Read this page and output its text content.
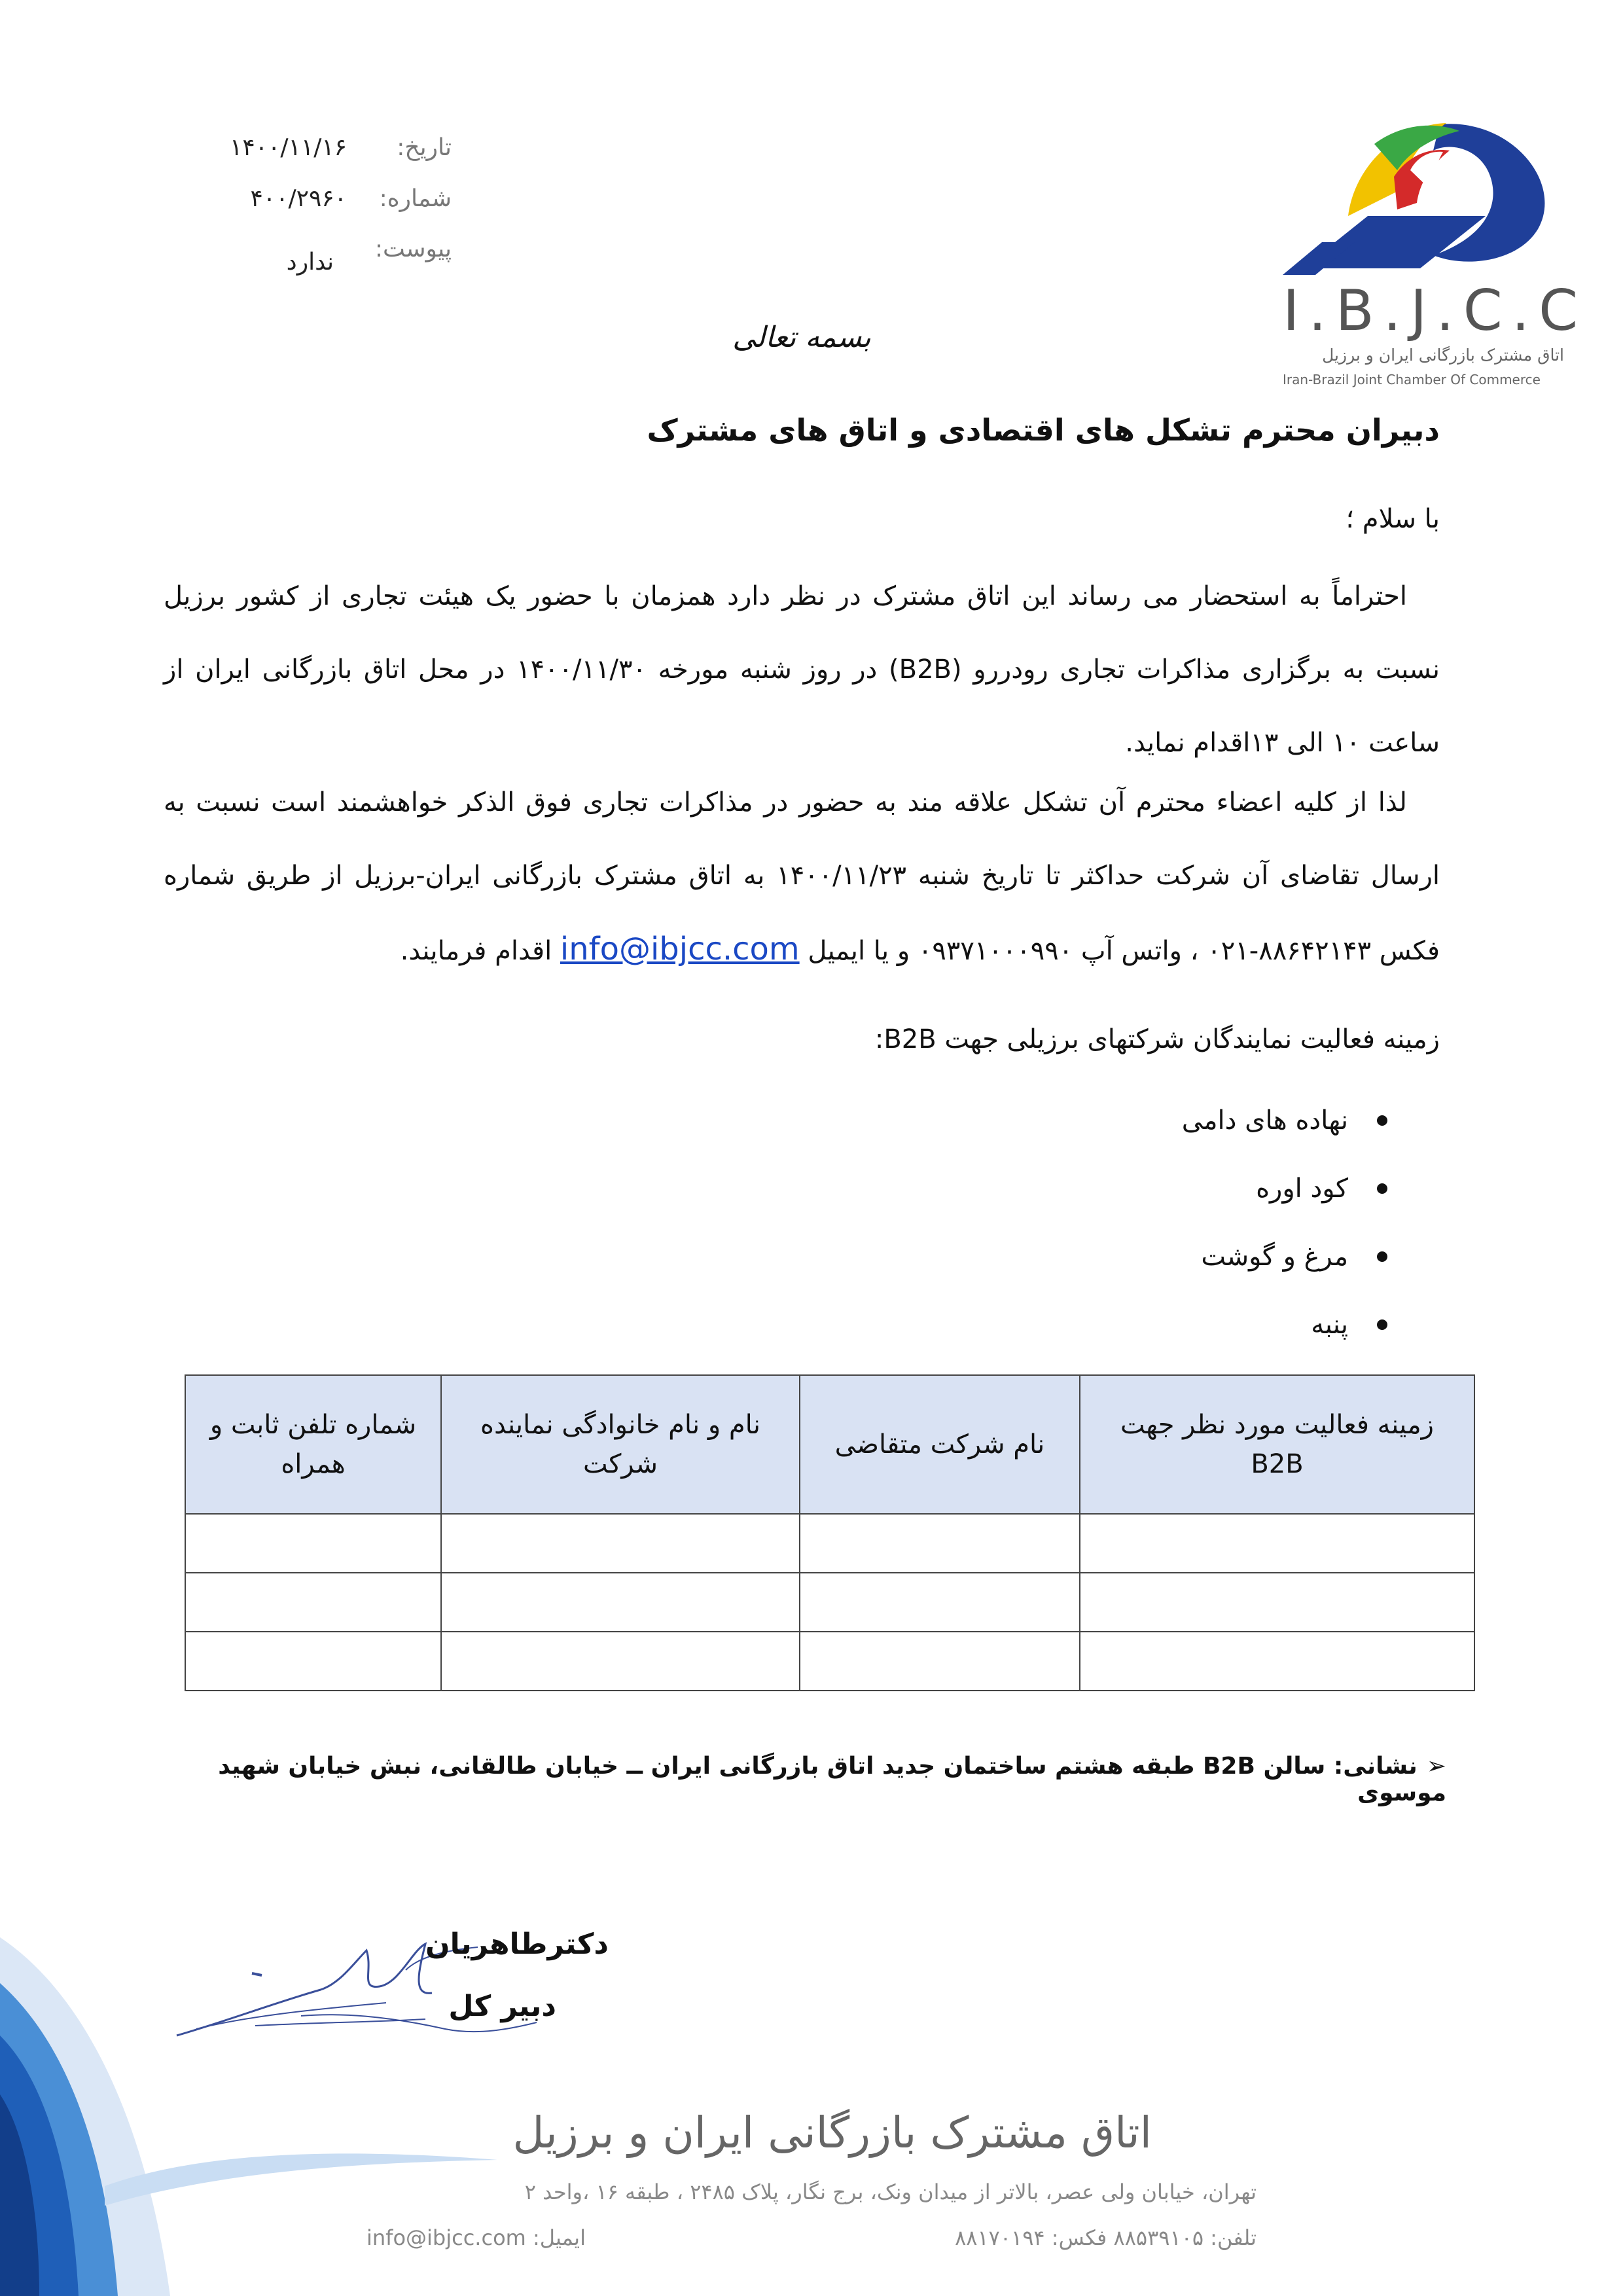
تاریخ:
۱۴۰۰/۱۱/۱۶
شماره:
۴۰۰/۲۹۶۰
پیوست:
ندارد
I.B.J.C.C
اتاق مشترک بازرگانی ایران و برزیل
Iran-Brazil Joint Chamber Of Commerce
بسمه تعالی
دبیران محترم تشکل های اقتصادی و اتاق های مشترک
با سلام ؛
احتراماً به استحضار می رساند این اتاق مشترک در نظر دارد همزمان با حضور یک هیئت تجاری از کشور برزیل نسبت به برگزاری مذاکرات تجاری رودررو (B2B) در روز شنبه مورخه ۱۴۰۰/۱۱/۳۰ در محل اتاق بازرگانی ایران از ساعت ۱۰ الی ۱۳اقدام نماید.
لذا از کلیه اعضاء محترم آن تشکل علاقه مند به حضور در مذاکرات تجاری فوق الذکر خواهشمند است نسبت به ارسال تقاضای آن شرکت حداکثر تا تاریخ شنبه ۱۴۰۰/۱۱/۲۳ به اتاق مشترک بازرگانی ایران-برزیل از طریق شماره فکس ۸۸۶۴۲۱۴۳-۰۲۱ ، واتس آپ ۰۹۳۷۱۰۰۰۹۹۰ و یا ایمیل info@ibjcc.com اقدام فرمایند.
زمینه فعالیت نمایندگان شرکتهای برزیلی جهت B2B:
نهاده های دامی
کود اوره
مرغ و گوشت
پنبه
زمینه فعالیت مورد نظر جهت B2B	نام شرکت متقاضی	نام و نام خانوادگی نماینده شرکت	شماره تلفن ثابت و همراه

➢نشانی: سالن B2B طبقه هشتم ساختمان جدید اتاق بازرگانی ایران ــ خیابان طالقانی، نبش خیابان شهید موسوی
دکترطاهریان
دبیر کل
اتاق مشترک بازرگانی ایران و برزیل
تهران، خیابان ولی عصر، بالاتر از میدان ونک، برج نگار، پلاک ۲۴۸۵ ، طبقه ۱۶ ،واحد ۲
تلفن: ۸۸۵۳۹۱۰۵ فکس: ۸۸۱۷۰۱۹۴
ایمیل: info@ibjcc.com
